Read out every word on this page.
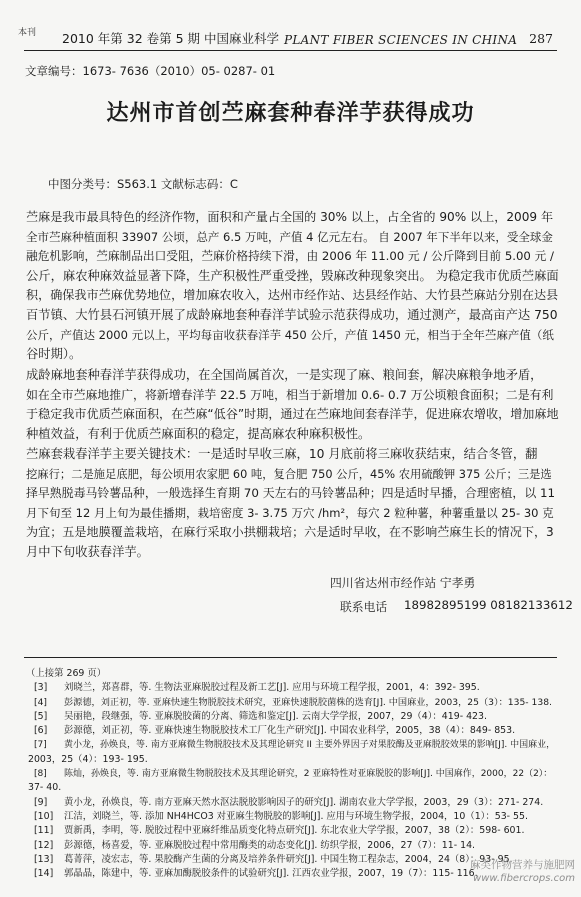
本刊 2010 年第 32 卷第 5 期 中国麻业科学 PLANT FIBER SCIENCES IN CHINA 287
文章编号：1673- 7636（2010）05- 0287- 01
达州市首创苎麻套种春洋芋获得成功
中图分类号：S563.1 文献标志码：C

苎麻是我市最具特色的经济作物，面积和产量占全国的 30% 以上，占全省的 90% 以上，2009 年

全市苎麻种植面积 33907 公顷，总产 6.5 万吨，产值 4 亿元左右。 自 2007 年下半年以来，受全球金

融危机影响，苎麻制品出口受阻，苎麻价格持续下滑，由 2006 年 11.00 元 / 公斤降到目前 5.00 元 /

公斤，麻农种麻效益显著下降，生产积极性严重受挫，毁麻改种现象突出。 为稳定我市优质苎麻面

积，确保我市苎麻优势地位，增加麻农收入，达州市经作站、达县经作站、大竹县苎麻站分别在达县

百节镇、大竹县石河镇开展了成龄麻地套种春洋芋试验示范获得成功，通过测产，最高亩产达 750

公斤，产值达 2000 元以上，平均每亩收获春洋芋 450 公斤，产值 1450 元，相当于全年苎麻产值（纸

谷时期）。

成龄麻地套种春洋芋获得成功，在全国尚属首次，一是实现了麻、粮间套，解决麻粮争地矛盾，

如在全市苎麻地推广，将新增春洋芋 22.5 万吨，相当于新增加 0.6- 0.7 万公顷粮食面积；二是有利

于稳定我市优质苎麻面积，在苎麻“低谷”时期，通过在苎麻地间套春洋芋，促进麻农增收，增加麻地

种植效益，有利于优质苎麻面积的稳定，提高麻农种麻积极性。

苎麻套栽春洋芋主要关键技术：一是适时早收三麻，10 月底前将三麻收获结束，结合冬管，翻

挖麻行；二是施足底肥，每公顷用农家肥 60 吨，复合肥 750 公斤，45% 农用硫酸钾 375 公斤；三是选

择早熟脱毒马铃薯品种，一般选择生育期 70 天左右的马铃薯品种；四是适时早播，合理密植，以 11

月下旬至 12 月上旬为最佳播期，栽培密度 3- 3.75 万穴 /hm²，每穴 2 粒种薯，种薯重量以 25- 30 克

为宜；五是地膜覆盖栽培，在麻行采取小拱棚栽培；六是适时早收，在不影响苎麻生长的情况下，3

月中下旬收获春洋芋。

四川省达州市经作站 宁孝勇
联系电话 18982895199 08182133612
（上接第 269 页）
[3] 刘晓兰，郑喜群，等. 生物法亚麻脱胶过程及新工艺[J]. 应用与环境工程学报，2001，4：392- 395.
[4] 彭源德，刘正初，等. 亚麻快速生物脱胶技术研究，亚麻快速脱胶菌株的选育[J]. 中国麻业，2003，25（3）：135- 138.
[5] 吴丽艳，段继强，等. 亚麻脱胶菌的分离、筛选和鉴定[J]. 云南大学学报，2007，29（4）：419- 423.
[6] 彭源德，刘正初，等. 亚麻快速生物脱胶技术工厂化生产研究[J]. 中国农业科学，2005，38（4）：849- 853.
[7] 黄小龙，孙焕良，等. 南方亚麻微生物脱胶技术及其理论研究 II 主要外界因子对果胶酶及亚麻脱胶效果的影响[J]. 中国麻业，
2003，25（4）：193- 195.
[8] 陈灿，孙焕良，等. 南方亚麻微生物脱胶技术及其理论研究，2 亚麻特性对亚麻脱胶的影响[J]. 中国麻作，2000，22（2）：
37- 40.
[9] 黄小龙，孙焕良，等. 南方亚麻天然水沤法脱胶影响因子的研究[J]. 湖南农业大学学报，2003，29（3）：271- 274.
[10] 江洁，刘晓兰，等. 添加 NH4HCO3 对亚麻生物脱胶的影响[J]. 应用与环境生物学报，2004，10（1）：53- 55.
[11] 贾新禹，李明，等. 脱胶过程中亚麻纤维品质变化特点研究[J]. 东北农业大学学报，2007，38（2）：598- 601.
[12] 彭源德，杨喜爱，等. 亚麻脱胶过程中常用酶类的动态变化[J]. 纺织学报，2006，27（7）：11- 14.
[13] 葛菁萍，凌宏志，等. 果胶酶产生菌的分离及培养条件研究[J]. 中国生物工程杂志，2004，24（8）：93- 95.
[14] 郭晶晶，陈建中，等. 亚麻加酶脱胶条件的试验研究[J]. 江西农业学报，2007，19（7）：115- 116.
麻类作物营养与施肥网
www.fibercrops.com
